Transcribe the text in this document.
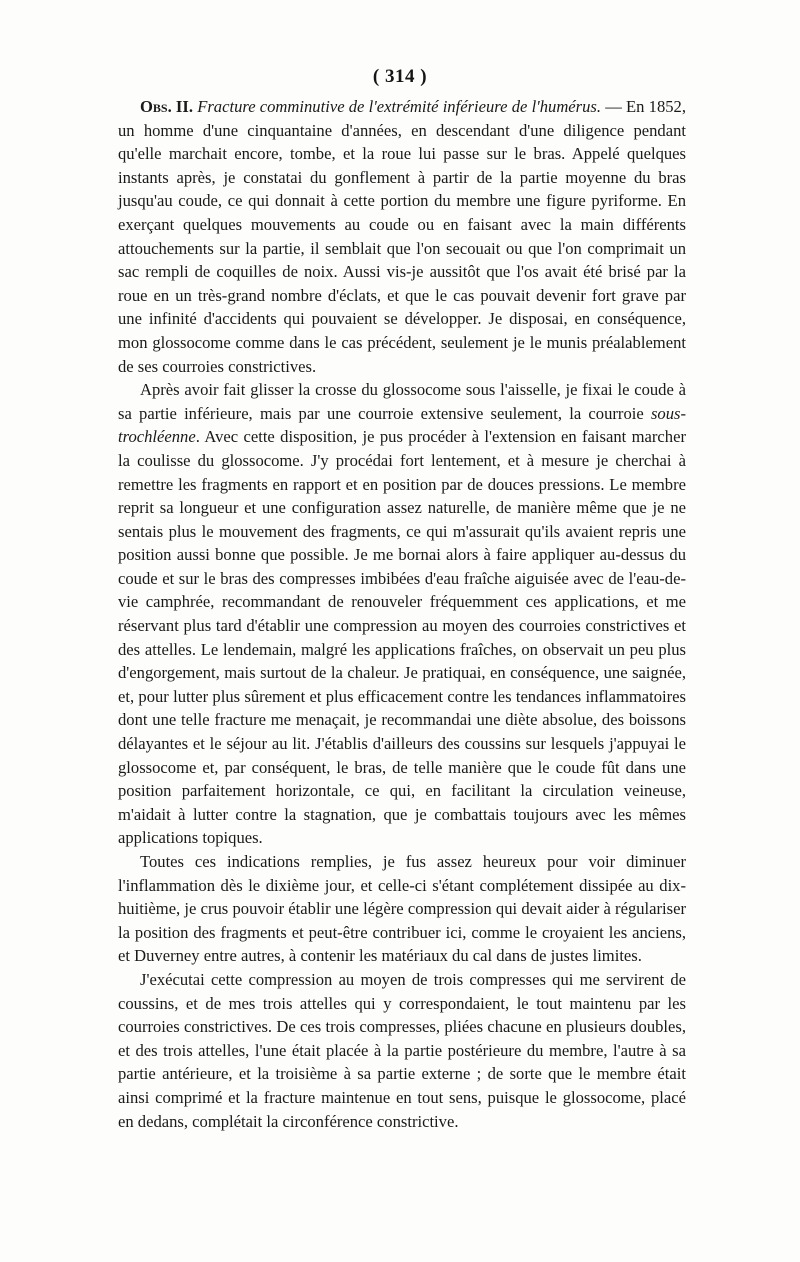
( 314 )

Obs. II. Fracture comminutive de l'extrémité inférieure de l'humérus. — En 1852, un homme d'une cinquantaine d'années, en descendant d'une diligence pendant qu'elle marchait encore, tombe, et la roue lui passe sur le bras. Appelé quelques instants après, je constatai du gonflement à partir de la partie moyenne du bras jusqu'au coude, ce qui donnait à cette portion du membre une figure pyriforme. En exerçant quelques mouvements au coude ou en faisant avec la main différents attouchements sur la partie, il semblait que l'on secouait ou que l'on comprimait un sac rempli de coquilles de noix. Aussi vis-je aussitôt que l'os avait été brisé par la roue en un très-grand nombre d'éclats, et que le cas pouvait devenir fort grave par une infinité d'accidents qui pouvaient se développer. Je disposai, en conséquence, mon glossocome comme dans le cas précédent, seulement je le munis préalablement de ses courroies constrictives.

Après avoir fait glisser la crosse du glossocome sous l'aisselle, je fixai le coude à sa partie inférieure, mais par une courroie extensive seulement, la courroie sous-trochléenne. Avec cette disposition, je pus procéder à l'extension en faisant marcher la coulisse du glossocome. J'y procédai fort lentement, et à mesure je cherchai à remettre les fragments en rapport et en position par de douces pressions. Le membre reprit sa longueur et une configuration assez naturelle, de manière même que je ne sentais plus le mouvement des fragments, ce qui m'assurait qu'ils avaient repris une position aussi bonne que possible. Je me bornai alors à faire appliquer au-dessus du coude et sur le bras des compresses imbibées d'eau fraîche aiguisée avec de l'eau-de-vie camphrée, recommandant de renouveler fréquemment ces applications, et me réservant plus tard d'établir une compression au moyen des courroies constrictives et des attelles. Le lendemain, malgré les applications fraîches, on observait un peu plus d'engorgement, mais surtout de la chaleur. Je pratiquai, en conséquence, une saignée, et, pour lutter plus sûrement et plus efficacement contre les tendances inflammatoires dont une telle fracture me menaçait, je recommandai une diète absolue, des boissons délayantes et le séjour au lit. J'établis d'ailleurs des coussins sur lesquels j'appuyai le glossocome et, par conséquent, le bras, de telle manière que le coude fût dans une position parfaitement horizontale, ce qui, en facilitant la circulation veineuse, m'aidait à lutter contre la stagnation, que je combattais toujours avec les mêmes applications topiques.

Toutes ces indications remplies, je fus assez heureux pour voir diminuer l'inflammation dès le dixième jour, et celle-ci s'étant complétement dissipée au dix-huitième, je crus pouvoir établir une légère compression qui devait aider à régulariser la position des fragments et peut-être contribuer ici, comme le croyaient les anciens, et Duverney entre autres, à contenir les matériaux du cal dans de justes limites.

J'exécutai cette compression au moyen de trois compresses qui me servirent de coussins, et de mes trois attelles qui y correspondaient, le tout maintenu par les courroies constrictives. De ces trois compresses, pliées chacune en plusieurs doubles, et des trois attelles, l'une était placée à la partie postérieure du membre, l'autre à sa partie antérieure, et la troisième à sa partie externe ; de sorte que le membre était ainsi comprimé et la fracture maintenue en tout sens, puisque le glossocome, placé en dedans, complétait la circonférence constrictive.
